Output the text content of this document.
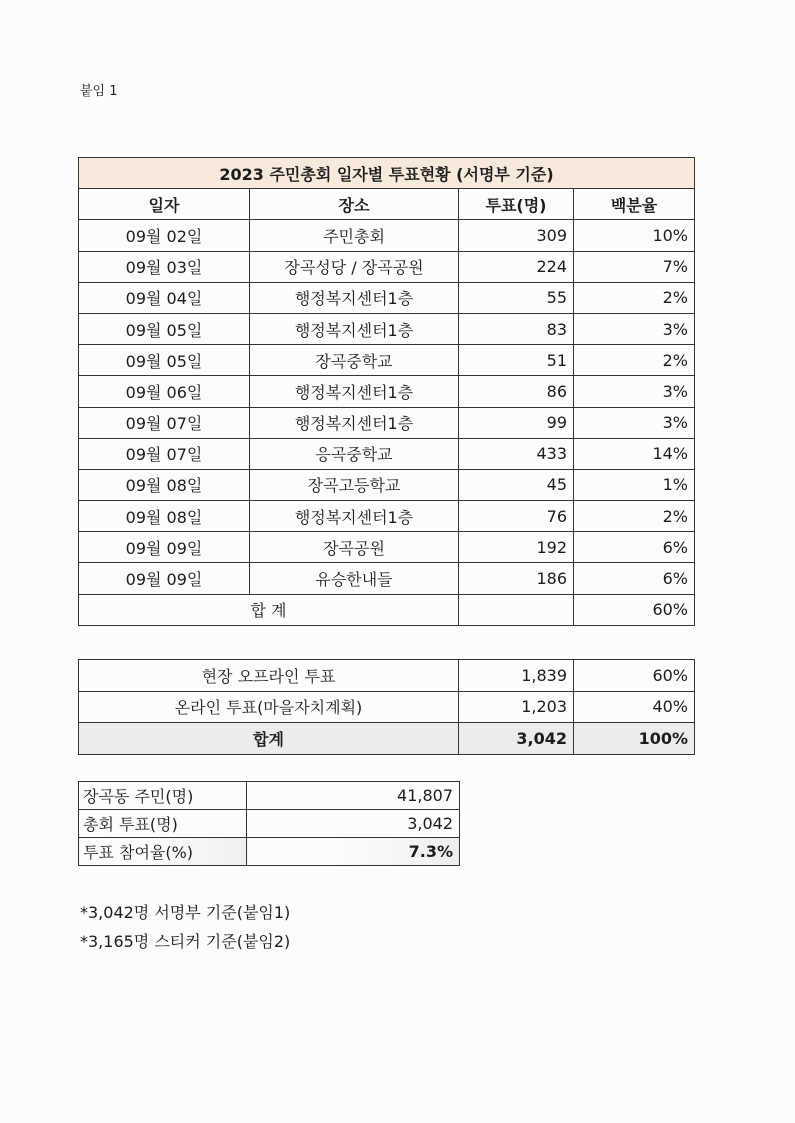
붙임 1
2023 주민총회 일자별 투표현황 (서명부 기준)			
일자	장소	투표(명)	백분율
09월 02일	주민총회	309	10%
09월 03일	장곡성당 / 장곡공원	224	7%
09월 04일	행정복지센터1층	55	2%
09월 05일	행정복지센터1층	83	3%
09월 05일	장곡중학교	51	2%
09월 06일	행정복지센터1층	86	3%
09월 07일	행정복지센터1층	99	3%
09월 07일	응곡중학교	433	14%
09월 08일	장곡고등학교	45	1%
09월 08일	행정복지센터1층	76	2%
09월 09일	장곡공원	192	6%
09월 09일	유승한내들	186	6%
합 계			60%
현장 오프라인 투표	1,839	60%
온라인 투표(마을자치계획)	1,203	40%
합계	3,042	100%
장곡동 주민(명)	41,807
총회 투표(명)	3,042
투표 참여율(%)	7.3%
*3,042명 서명부 기준(붙임1)
*3,165명 스티커 기준(붙임2)
